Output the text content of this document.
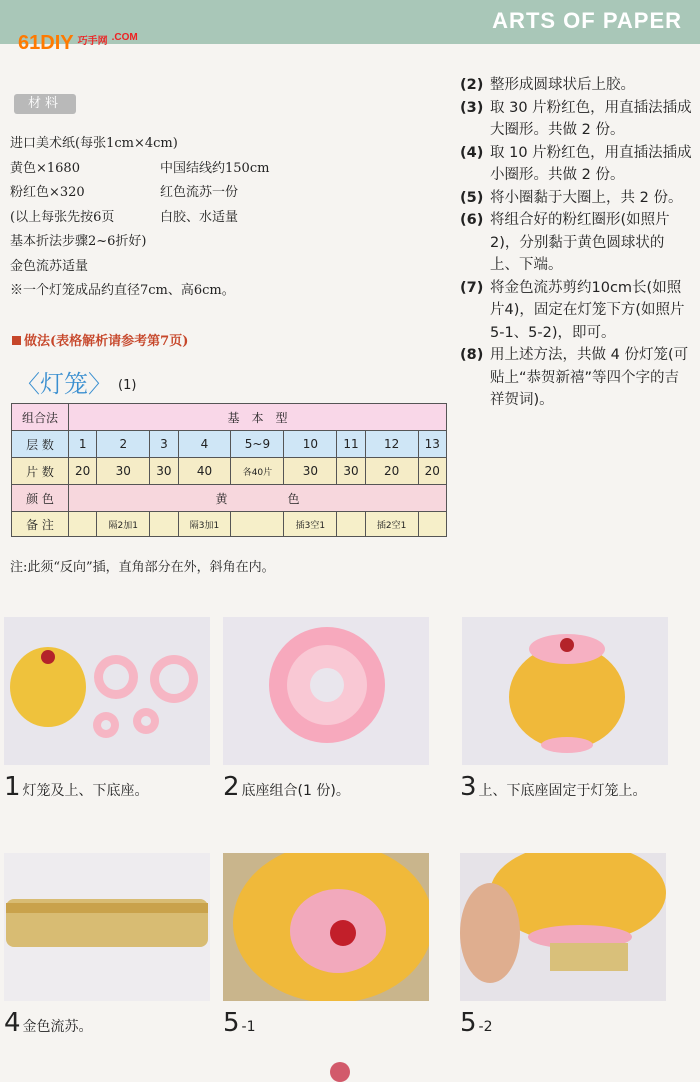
ARTS OF PAPER
61DIY $^{巧手网}$ $^{.COM}$
材料
进口美术纸(每张1cm×4cm)
黄色×1680	中国结线约150cm
粉红色×320	红色流苏一份
(以上每张先按6页	白胶、水适量
基本折法步骤2~6折好)
金色流苏适量
※一个灯笼成品约直径7cm、高6cm。
做法(表格解析请参考第7页)
〈灯笼〉 (1)
组合法	基　本　型								
层 数	1	2	3	4	5~9	10	11	12	13
片 数	20	30	30	40	各40片	30	30	20	20
颜 色	黄　　　　　色								
备 注		隔2加1		隔3加1		插3空1		插2空1	
注:此须“反向”插，直角部分在外，斜角在内。
(2) 整形成圆球状后上胶。
(3) 取 30 片粉红色，用直插法插成大圈形。共做 2 份。
(4) 取 10 片粉红色，用直插法插成小圈形。共做 2 份。
(5) 将小圈黏于大圈上，共 2 份。
(6) 将组合好的粉红圈形(如照片 2)，分别黏于黄色圆球状的上、下端。
(7) 将金色流苏剪约10cm长(如照片4)，固定在灯笼下方(如照片5-1、5-2)，即可。
(8) 用上述方法，共做 4 份灯笼(可贴上“恭贺新禧”等四个字的吉祥贺词)。
1 灯笼及上、下底座。	2 底座组合(1 份)。	3 上、下底座固定于灯笼上。
4 金色流苏。	5 -1	5 -2
